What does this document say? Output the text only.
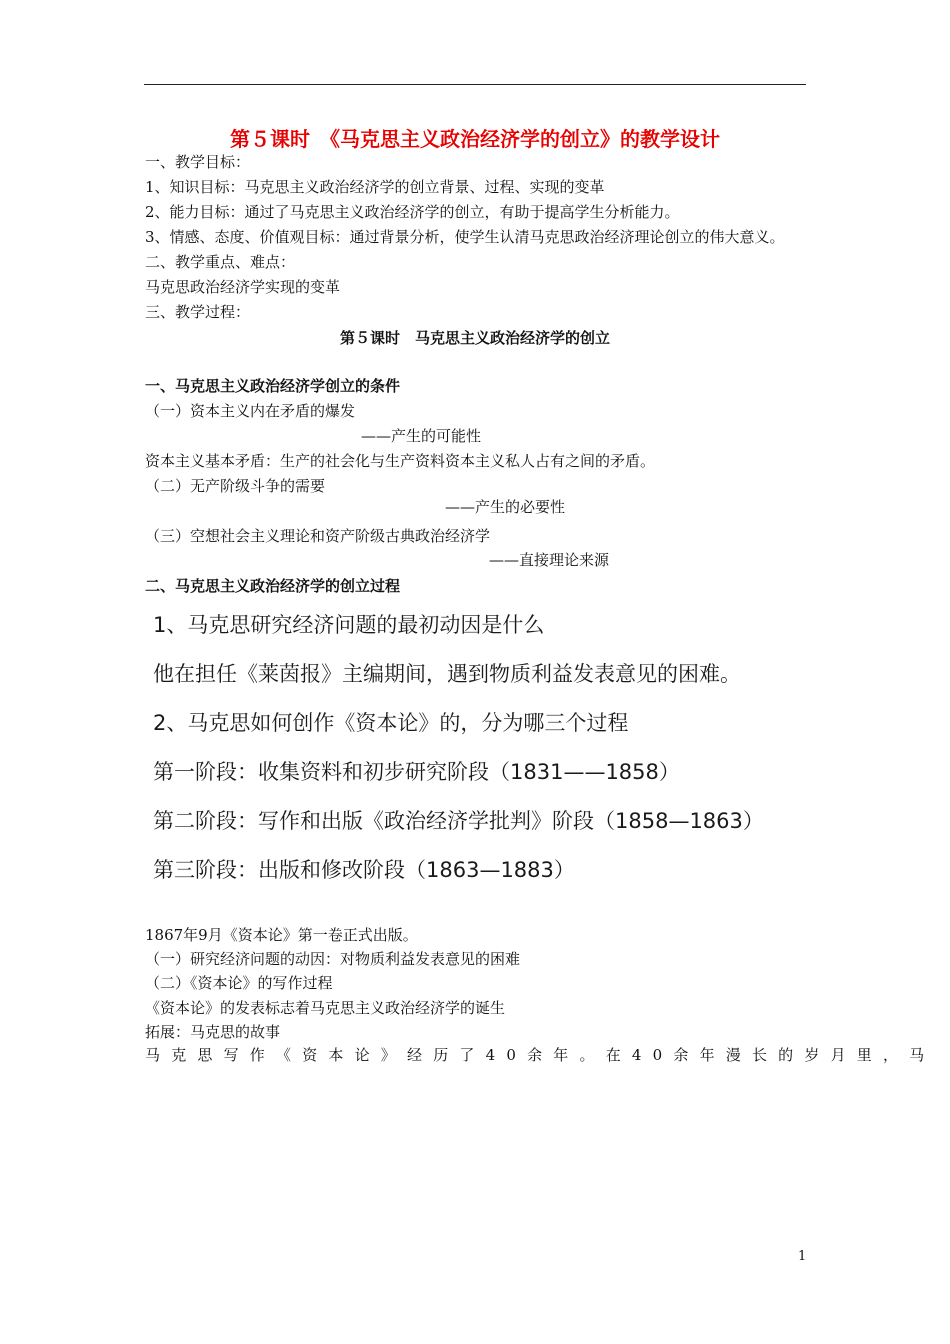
第５课时　《马克思主义政治经济学的创立》的教学设计
一、教学目标：
1、知识目标：马克思主义政治经济学的创立背景、过程、实现的变革
2、能力目标：通过了马克思主义政治经济学的创立，有助于提高学生分析能力。
3、情感、态度、价值观目标：通过背景分析，使学生认清马克思政治经济理论创立的伟大意义。
二、教学重点、难点：
马克思政治经济学实现的变革
三、教学过程：
第５课时　马克思主义政治经济学的创立
一、马克思主义政治经济学创立的条件
（一）资本主义内在矛盾的爆发
——产生的可能性
资本主义基本矛盾：生产的社会化与生产资料资本主义私人占有之间的矛盾。
（二）无产阶级斗争的需要
——产生的必要性
（三）空想社会主义理论和资产阶级古典政治经济学
——直接理论来源
二、马克思主义政治经济学的创立过程
1、马克思研究经济问题的最初动因是什么
他在担任《莱茵报》主编期间，遇到物质利益发表意见的困难。
2、马克思如何创作《资本论》的，分为哪三个过程
第一阶段：收集资料和初步研究阶段（1831——1858）
第二阶段：写作和出版《政治经济学批判》阶段（1858—1863）
第三阶段：出版和修改阶段（1863—1883）
1867年9月《资本论》第一卷正式出版。
（一）研究经济问题的动因：对物质利益发表意见的困难
（二）《资本论》的写作过程
《资本论》的发表标志着马克思主义政治经济学的诞生
拓展：马克思的故事
马克思写作《资本论》经历了40余年。在40余年漫长的岁月里，马
1
